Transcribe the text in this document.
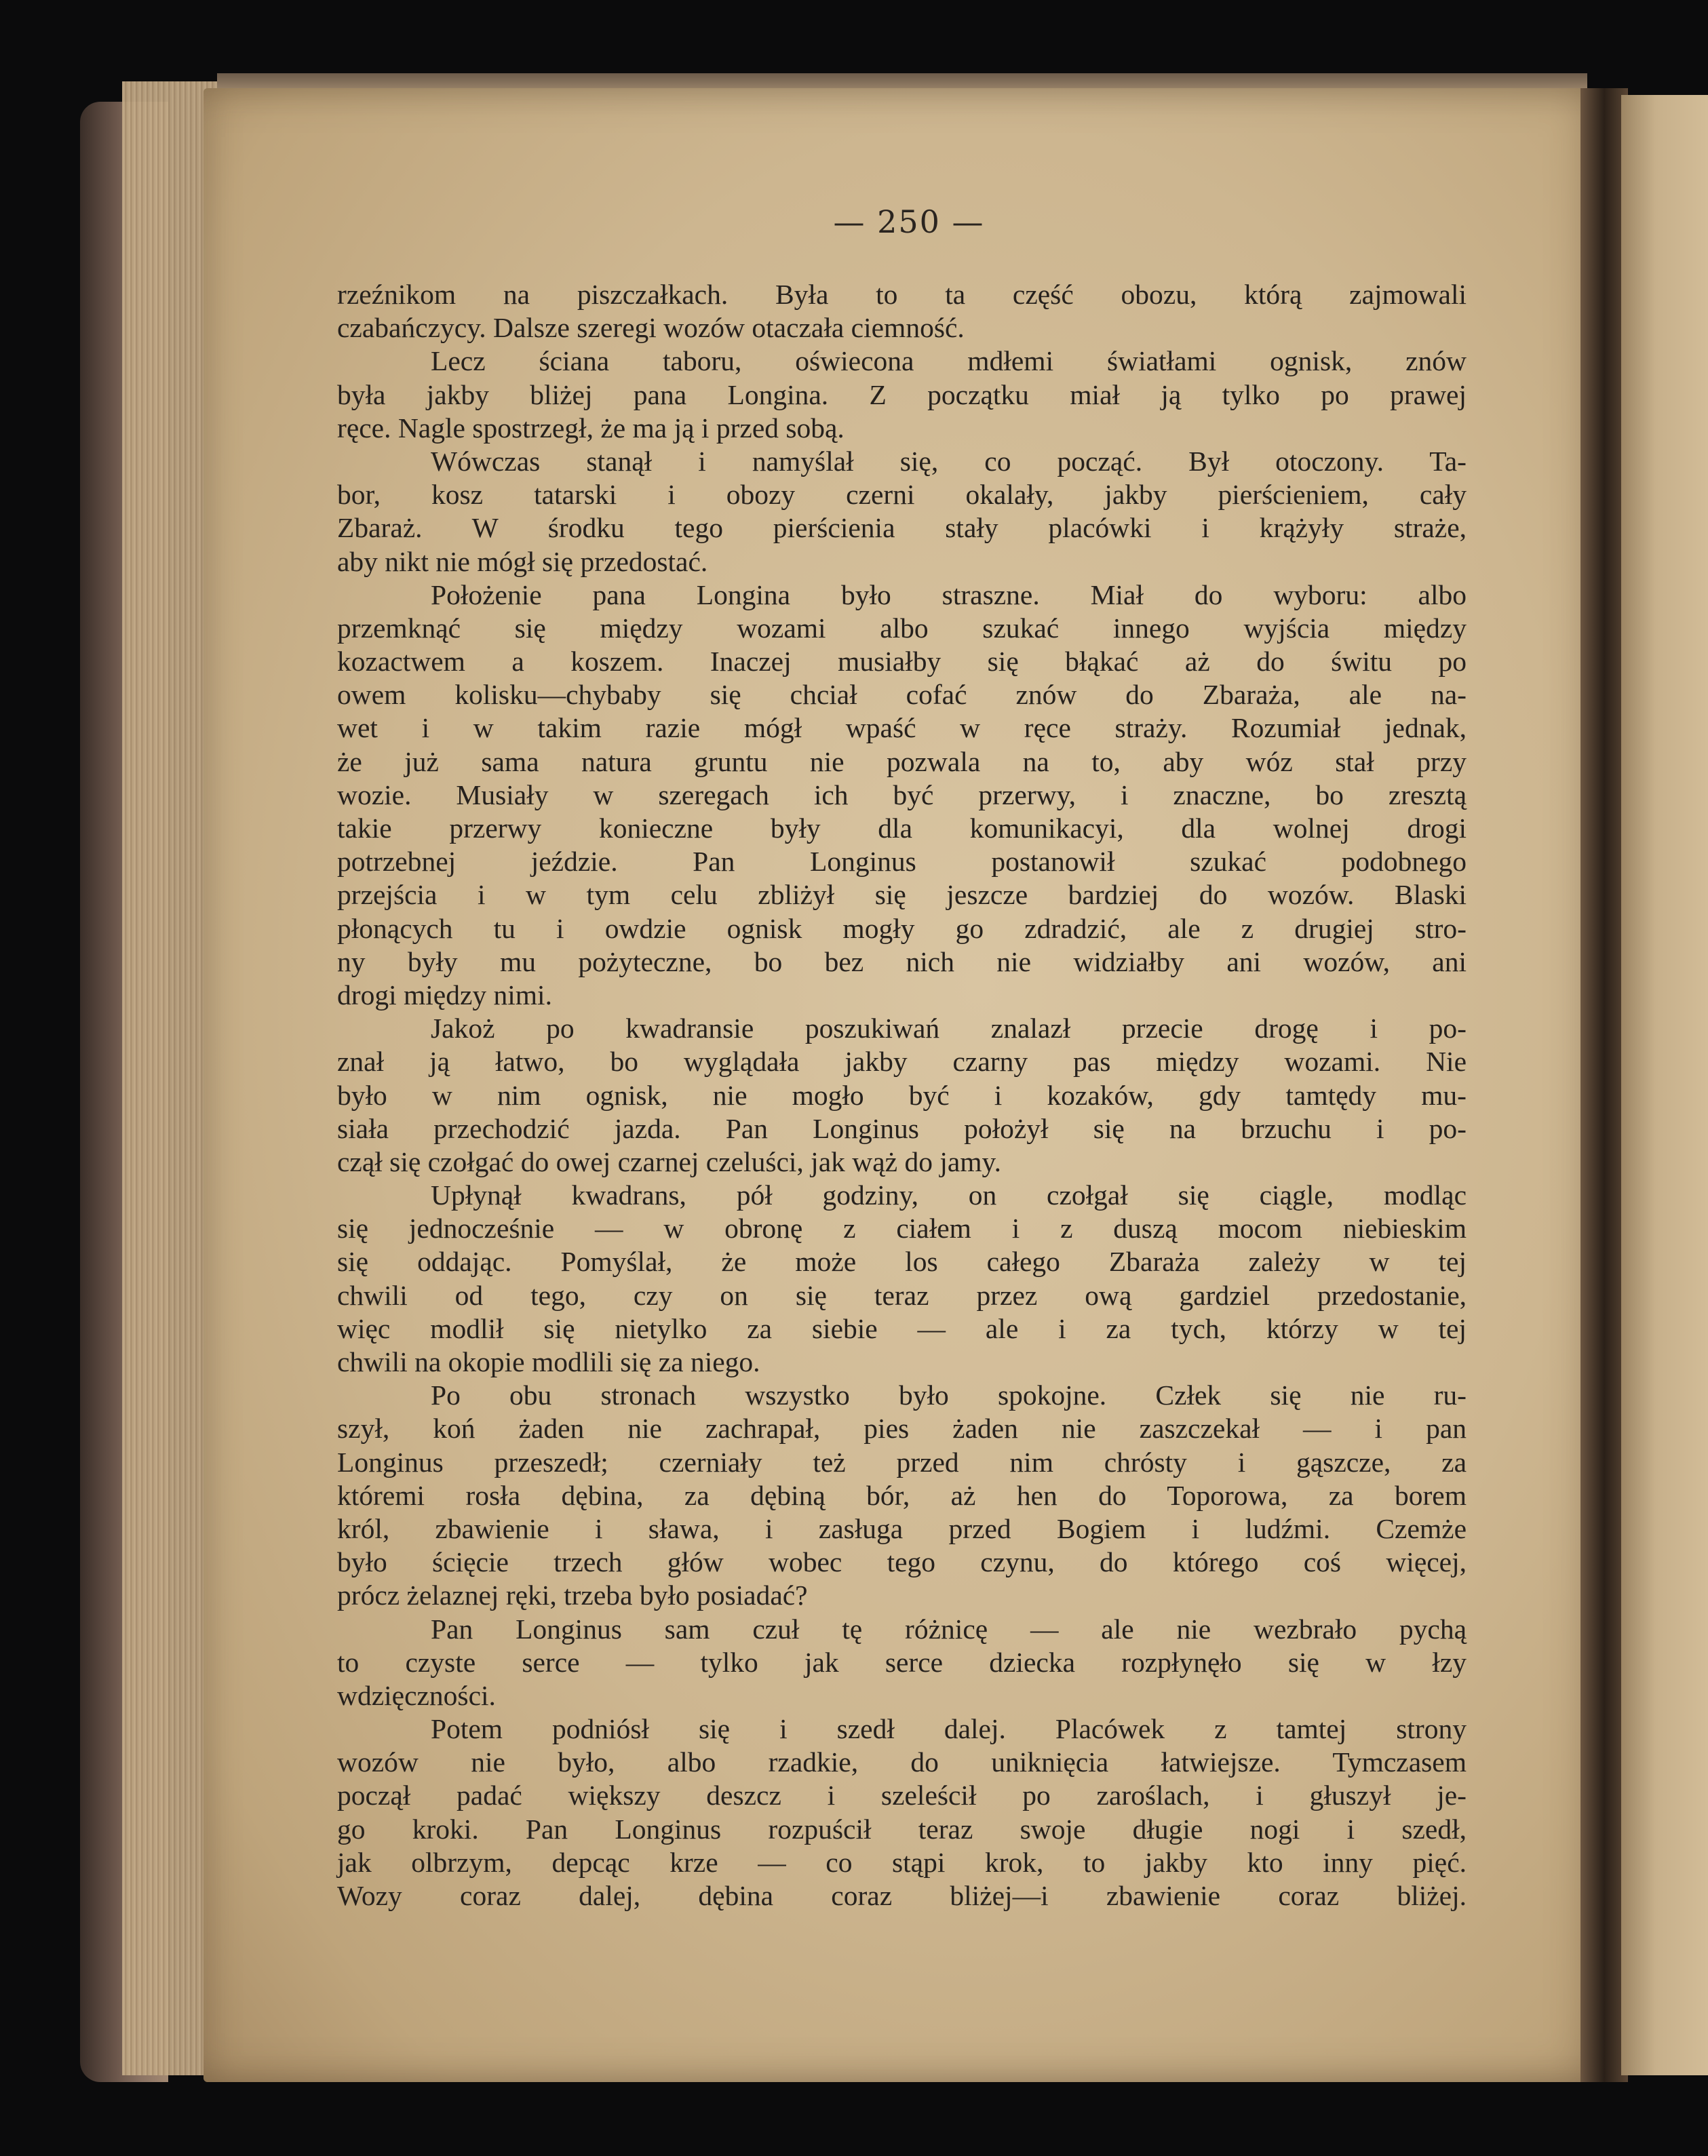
— 250 —
rzeźnikom na piszczałkach. Była to ta część obozu, którą zajmowali
czabańczycy. Dalsze szeregi wozów otaczała ciemność.
Lecz ściana taboru, oświecona mdłemi światłami ognisk, znów
była jakby bliżej pana Longina. Z początku miał ją tylko po prawej
ręce. Nagle spostrzegł, że ma ją i przed sobą.
Wówczas stanął i namyślał się, co począć. Był otoczony. Ta-
bor, kosz tatarski i obozy czerni okalały, jakby pierścieniem, cały
Zbaraż. W środku tego pierścienia stały placówki i krążyły straże,
aby nikt nie mógł się przedostać.
Położenie pana Longina było straszne. Miał do wyboru: albo
przemknąć się między wozami albo szukać innego wyjścia między
kozactwem a koszem. Inaczej musiałby się błąkać aż do świtu po
owem kolisku—chybaby się chciał cofać znów do Zbaraża, ale na-
wet i w takim razie mógł wpaść w ręce straży. Rozumiał jednak,
że już sama natura gruntu nie pozwala na to, aby wóz stał przy
wozie. Musiały w szeregach ich być przerwy, i znaczne, bo zresztą
takie przerwy konieczne były dla komunikacyi, dla wolnej drogi
potrzebnej jeździe. Pan Longinus postanowił szukać podobnego
przejścia i w tym celu zbliżył się jeszcze bardziej do wozów. Blaski
płonących tu i owdzie ognisk mogły go zdradzić, ale z drugiej stro-
ny były mu pożyteczne, bo bez nich nie widziałby ani wozów, ani
drogi między nimi.
Jakoż po kwadransie poszukiwań znalazł przecie drogę i po-
znał ją łatwo, bo wyglądała jakby czarny pas między wozami. Nie
było w nim ognisk, nie mogło być i kozaków, gdy tamtędy mu-
siała przechodzić jazda. Pan Longinus położył się na brzuchu i po-
czął się czołgać do owej czarnej czeluści, jak wąż do jamy.
Upłynął kwadrans, pół godziny, on czołgał się ciągle, modląc
się jednocześnie — w obronę z ciałem i z duszą mocom niebieskim
się oddając. Pomyślał, że może los całego Zbaraża zależy w tej
chwili od tego, czy on się teraz przez ową gardziel przedostanie,
więc modlił się nietylko za siebie — ale i za tych, którzy w tej
chwili na okopie modlili się za niego.
Po obu stronach wszystko było spokojne. Człek się nie ru-
szył, koń żaden nie zachrapał, pies żaden nie zaszczekał — i pan
Longinus przeszedł; czerniały też przed nim chrósty i gąszcze, za
któremi rosła dębina, za dębiną bór, aż hen do Toporowa, za borem
król, zbawienie i sława, i zasługa przed Bogiem i ludźmi. Czemże
było ścięcie trzech głów wobec tego czynu, do którego coś więcej,
prócz żelaznej ręki, trzeba było posiadać?
Pan Longinus sam czuł tę różnicę — ale nie wezbrało pychą
to czyste serce — tylko jak serce dziecka rozpłynęło się w łzy
wdzięczności.
Potem podniósł się i szedł dalej. Placówek z tamtej strony
wozów nie było, albo rzadkie, do uniknięcia łatwiejsze. Tymczasem
począł padać większy deszcz i szeleścił po zaroślach, i głuszył je-
go kroki. Pan Longinus rozpuścił teraz swoje długie nogi i szedł,
jak olbrzym, depcąc krze — co stąpi krok, to jakby kto inny pięć.
Wozy coraz dalej, dębina coraz bliżej—i zbawienie coraz bliżej.
